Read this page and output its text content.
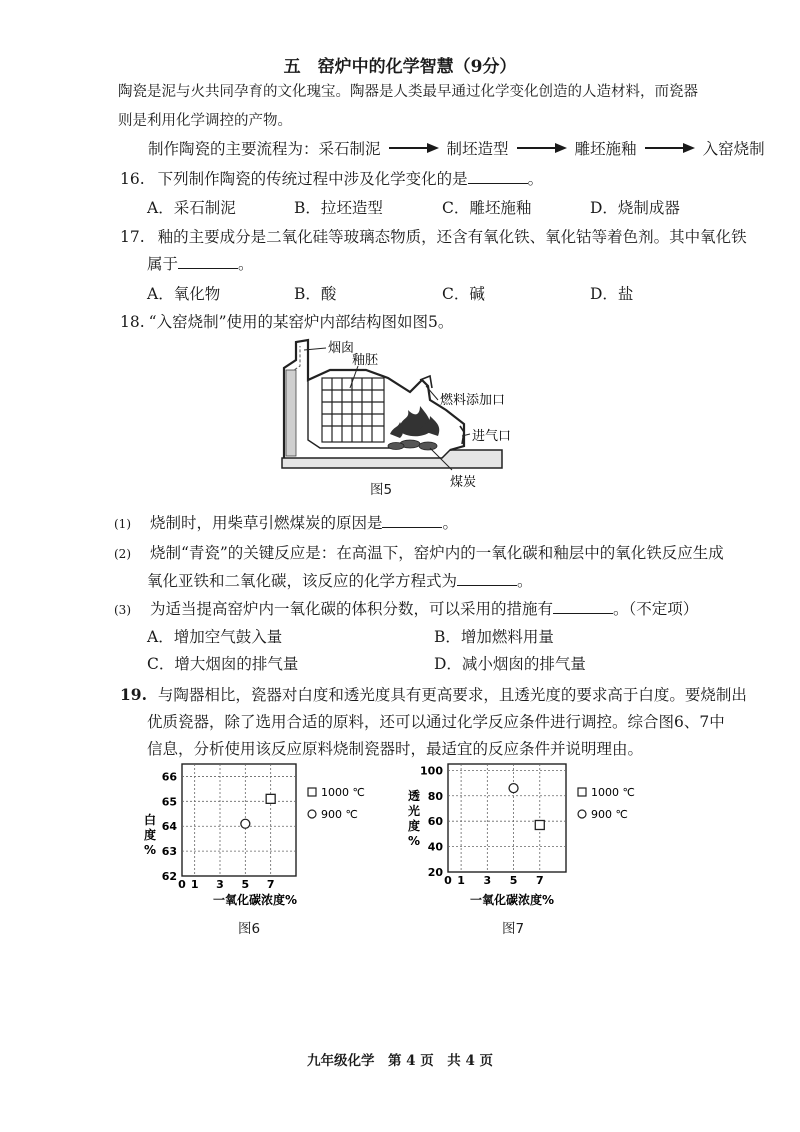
五　窑炉中的化学智慧（9分）
陶瓷是泥与火共同孕育的文化瑰宝。陶器是人类最早通过化学变化创造的人造材料，而瓷器
则是利用化学调控的产物。
制作陶瓷的主要流程为： 采石制泥	制坯造型	雕坯施釉	入窑烧制
16. 下列制作陶瓷的传统过程中涉及化学变化的是	。
A．采石制泥	B．拉坯造型	C．雕坯施釉	D．烧制成器
17. 釉的主要成分是二氧化硅等玻璃态物质，还含有氧化铁、氧化钴等着色剂。其中氧化铁
属于	。
A．氧化物	B．酸	C．碱	D．盐
18. “入窑烧制”使用的某窑炉内部结构图如图5。
烟囱
釉胚
燃料添加口
进气口
煤炭
图5
(1) 烧制时，用柴草引燃煤炭的原因是	。
(2) 烧制“青瓷”的关键反应是：在高温下，窑炉内的一氧化碳和釉层中的氧化铁反应生成
氧化亚铁和二氧化碳，该反应的化学方程式为	。
(3) 为适当提高窑炉内一氧化碳的体积分数，可以采用的措施有	。（不定项）
A．增加空气鼓入量	B．增加燃料用量
C．增大烟囱的排气量	D．减小烟囱的排气量
19. 与陶器相比，瓷器对白度和透光度具有更高要求，且透光度的要求高于白度。要烧制出
优质瓷器，除了选用合适的原料，还可以通过化学反应条件进行调控。综合图6、7中
信息，分析使用该反应原料烧制瓷器时，最适宜的反应条件并说明理由。
0 1 3 5 7
62
63
64
65
66
1000 ℃
900 ℃
白度%
一氧化碳浓度%
图6
0 1 3 5 7
20
40
60
80
100
1000 ℃
900 ℃
透光度%
一氧化碳浓度%
图7
九年级化学　第 4 页　共 4 页
